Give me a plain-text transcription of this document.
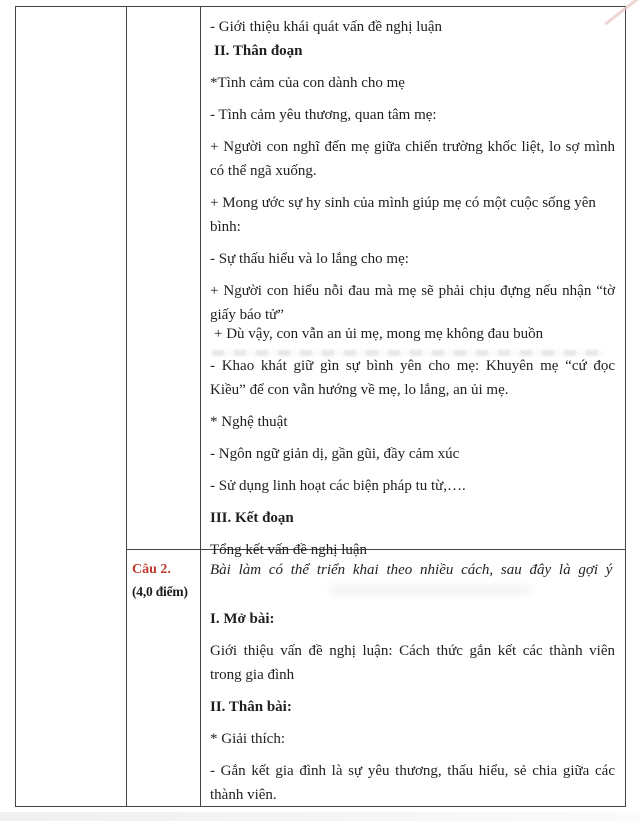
- Giới thiệu khái quát vấn đề nghị luận

II. Thân đoạn

*Tình cảm của con dành cho mẹ

- Tình cảm yêu thương, quan tâm mẹ:

+ Người con nghĩ đến mẹ giữa chiến trường khốc liệt, lo sợ mình có thể ngã xuống.

+ Mong ước sự hy sinh của mình giúp mẹ có một cuộc sống yên bình:

- Sự thấu hiểu và lo lắng cho mẹ:

+ Người con hiểu nỗi đau mà mẹ sẽ phải chịu đựng nếu nhận “tờ giấy báo tử”

+ Dù vậy, con vẫn an ủi mẹ, mong mẹ không đau buồn

- Khao khát giữ gìn sự bình yên cho mẹ: Khuyên mẹ “cứ đọc Kiều” để con vẫn hướng về mẹ, lo lắng, an ủi mẹ.

* Nghệ thuật

- Ngôn ngữ giản dị, gần gũi, đầy cảm xúc

- Sử dụng linh hoạt các biện pháp tu từ,….

III. Kết đoạn

Tổng kết vấn đề nghị luận

Câu 2.
(4,0 điểm)

Bài làm có thể triển khai theo nhiều cách, sau đây là gợi ý

I. Mở bài:

Giới thiệu vấn đề nghị luận: Cách thức gắn kết các thành viên trong gia đình

II. Thân bài:

* Giải thích:

- Gắn kết gia đình là sự yêu thương, thấu hiểu, sẻ chia giữa các thành viên.
